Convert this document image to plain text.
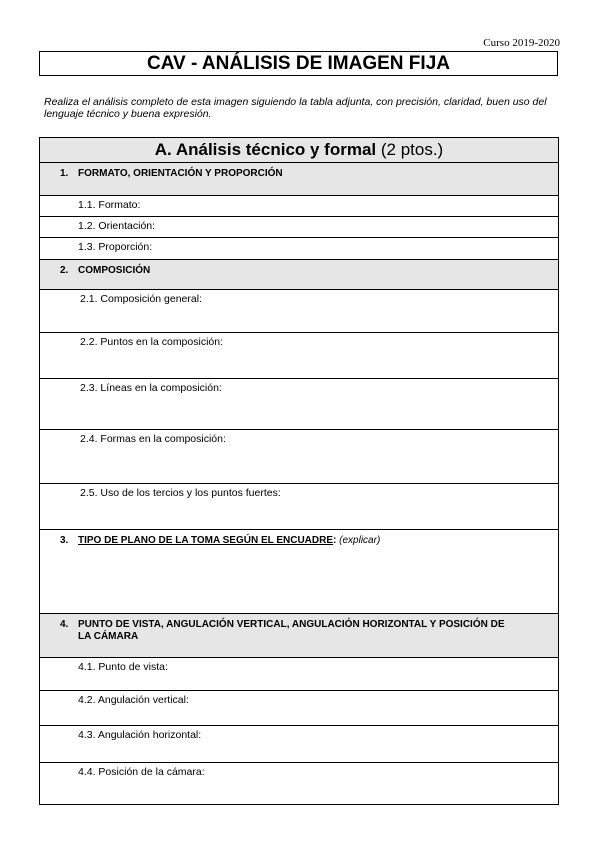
Curso 2019-2020
CAV - ANÁLISIS DE IMAGEN FIJA
Realiza el análisis completo de esta imagen siguiendo la tabla adjunta, con precisión, claridad, buen uso del lenguaje técnico y buena expresión.
A. Análisis técnico y formal (2 ptos.)
1. FORMATO, ORIENTACIÓN Y PROPORCIÓN
1.1. Formato:
1.2. Orientación:
1.3. Proporción:
2. COMPOSICIÓN
2.1. Composición general:
2.2. Puntos en la composición:
2.3. Líneas en la composición:
2.4. Formas en la composición:
2.5. Uso de los tercios y los puntos fuertes:
3. TIPO DE PLANO DE LA TOMA SEGÚN EL ENCUADRE: (explicar)
4. PUNTO DE VISTA, ANGULACIÓN VERTICAL, ANGULACIÓN HORIZONTAL Y POSICIÓN DE LA CÁMARA
4.1. Punto de vista:
4.2. Angulación vertical:
4.3. Angulación horizontal:
4.4. Posición de la cámara:
